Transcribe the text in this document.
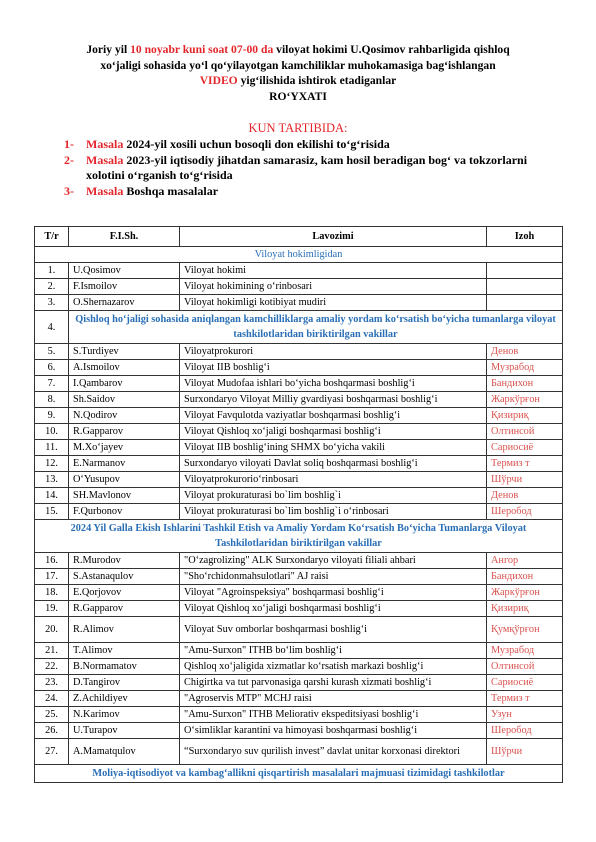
Joriy yil 10 noyabr kuni soat 07-00 da viloyat hokimi U.Qosimov rahbarligida qishloq
xo‘jaligi sohasida yo‘l qo‘yilayotgan kamchiliklar muhokamasiga bag‘ishlangan
VIDEO yig‘ilishida ishtirok etadiganlar
RO‘YXATI
KUN TARTIBIDA:
1-	Masala 2024-yil xosili uchun bosoqli don ekilishi to‘g‘risida
2-	Masala 2023-yil iqtisodiy jihatdan samarasiz, kam hosil beradigan bog‘ va tokzorlarni xolotini o‘rganish to‘g‘risida
3-	Masala Boshqa masalalar
T/r	F.I.Sh.	Lavozimi	Izoh
Viloyat hokimligidan			
1.	U.Qosimov	Viloyat hokimi	
2.	F.Ismoilov	Viloyat hokimining o‘rinbosari	
3.	O.Shernazarov	Viloyat hokimligi kotibiyat mudiri	
4.	Qishloq ho‘jaligi sohasida aniqlangan kamchilliklarga amaliy yordam ko‘rsatish bo‘yicha tumanlarga viloyat tashkilotlaridan biriktirilgan vakillar		
5.	S.Turdiyev	Viloyatprokurori	Денов
6.	A.Ismoilov	Viloyat IIB boshlig‘i	Музрабод
7.	I.Qambarov	Viloyat Mudofaa ishlari bo‘yicha boshqarmasi boshlig‘i	Бандихон
8.	Sh.Saidov	Surxondaryo Viloyat Milliy gvardiyasi boshqarmasi boshlig‘i	Жаркўрғон
9.	N.Qodirov	Viloyat Favqulotda vaziyatlar boshqarmasi boshlig‘i	Қизириқ
10.	R.Gapparov	Viloyat Qishloq xo‘jaligi boshqarmasi boshlig‘i	Олтинсой
11.	M.Xo‘jayev	Viloyat IIB boshlig‘ining SHMX bo‘yicha vakili	Сариосиё
12.	E.Narmanov	Surxondaryo viloyati Davlat soliq boshqarmasi boshlig‘i	Термиз т
13.	O‘Yusupov	Viloyatprokurorio‘rinbosari	Шўрчи
14.	SH.Mavlonov	Viloyat prokuraturasi bo`lim boshlig`i	Денов
15.	F.Qurbonov	Viloyat prokuraturasi bo`lim boshlig`i o‘rinbosari	Шеробод
2024 Yil Galla Ekish Ishlarini Tashkil Etish va Amaliy Yordam Ko‘rsatish Bo‘yicha Tumanlarga Viloyat Tashkilotlaridan biriktirilgan vakillar			
16.	R.Murodov	"O‘zagrolizing" ALK Surxondaryo viloyati filiali ahbari	Ангор
17.	S.Astanaqulov	"Sho‘rchidonmahsulotlari" AJ raisi	Бандихон
18.	E.Qorjovov	Viloyat "Agroinspeksiya" boshqarmasi boshlig‘i	Жаркўрғон
19.	R.Gapparov	Viloyat Qishloq xo‘jaligi boshqarmasi boshlig‘i	Қизириқ
20.	R.Alimov	Viloyat Suv omborlar boshqarmasi boshlig‘i	Қумқўрғон
21.	T.Alimov	"Amu-Surxon" ITHB bo‘lim boshlig‘i	Музрабод
22.	B.Normamatov	Qishloq xo‘jaligida xizmatlar ko‘rsatish markazi boshlig‘i	Олтинсой
23.	D.Tangirov	Chigirtka va tut parvonasiga qarshi kurash xizmati boshlig‘i	Сариосиё
24.	Z.Achildiyev	"Agroservis MTP" MCHJ raisi	Термиз т
25.	N.Karimov	"Amu-Surxon" ITHB Meliorativ ekspeditsiyasi boshlig‘i	Узун
26.	U.Turapov	O‘simliklar karantini va himoyasi boshqarmasi boshlig‘i	Шеробод
27.	A.Mamatqulov	“Surxondaryo suv qurilish invest” davlat unitar korxonasi direktori	Шўрчи
Moliya-iqtisodiyot va kambag‘allikni qisqartirish masalalari majmuasi tizimidagi tashkilotlar			
